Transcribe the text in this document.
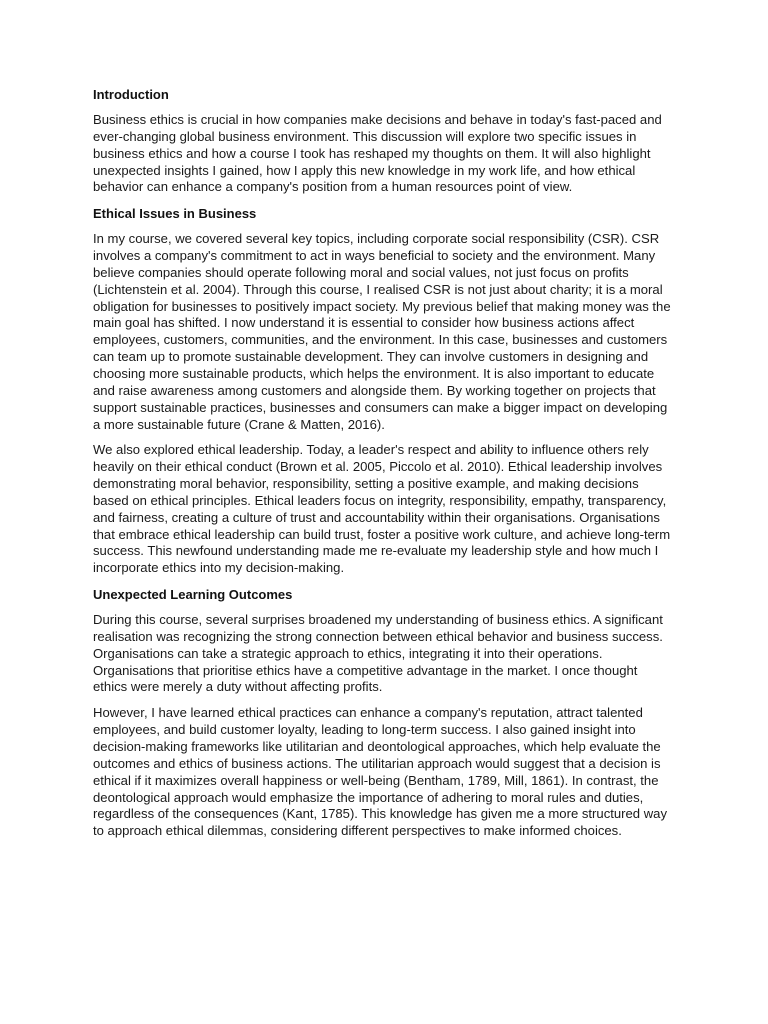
Introduction

Business ethics is crucial in how companies make decisions and behave in today's fast-paced and ever-changing global business environment. This discussion will explore two specific issues in business ethics and how a course I took has reshaped my thoughts on them. It will also highlight unexpected insights I gained, how I apply this new knowledge in my work life, and how ethical behavior can enhance a company's position from a human resources point of view.

Ethical Issues in Business

In my course, we covered several key topics, including corporate social responsibility (CSR). CSR involves a company's commitment to act in ways beneficial to society and the environment. Many believe companies should operate following moral and social values, not just focus on profits (Lichtenstein et al. 2004). Through this course, I realised CSR is not just about charity; it is a moral obligation for businesses to positively impact society. My previous belief that making money was the main goal has shifted. I now understand it is essential to consider how business actions affect employees, customers, communities, and the environment. In this case, businesses and customers can team up to promote sustainable development. They can involve customers in designing and choosing more sustainable products, which helps the environment. It is also important to educate and raise awareness among customers and alongside them. By working together on projects that support sustainable practices, businesses and consumers can make a bigger impact on developing a more sustainable future (Crane & Matten, 2016).

We also explored ethical leadership. Today, a leader's respect and ability to influence others rely heavily on their ethical conduct (Brown et al. 2005, Piccolo et al. 2010). Ethical leadership involves demonstrating moral behavior, responsibility, setting a positive example, and making decisions based on ethical principles. Ethical leaders focus on integrity, responsibility, empathy, transparency, and fairness, creating a culture of trust and accountability within their organisations. Organisations that embrace ethical leadership can build trust, foster a positive work culture, and achieve long-term success. This newfound understanding made me re-evaluate my leadership style and how much I incorporate ethics into my decision-making.

Unexpected Learning Outcomes

During this course, several surprises broadened my understanding of business ethics. A significant realisation was recognizing the strong connection between ethical behavior and business success. Organisations can take a strategic approach to ethics, integrating it into their operations. Organisations that prioritise ethics have a competitive advantage in the market. I once thought ethics were merely a duty without affecting profits.

However, I have learned ethical practices can enhance a company's reputation, attract talented employees, and build customer loyalty, leading to long-term success. I also gained insight into decision-making frameworks like utilitarian and deontological approaches, which help evaluate the outcomes and ethics of business actions. The utilitarian approach would suggest that a decision is ethical if it maximizes overall happiness or well-being (Bentham, 1789, Mill, 1861). In contrast, the deontological approach would emphasize the importance of adhering to moral rules and duties, regardless of the consequences (Kant, 1785). This knowledge has given me a more structured way to approach ethical dilemmas, considering different perspectives to make informed choices.
